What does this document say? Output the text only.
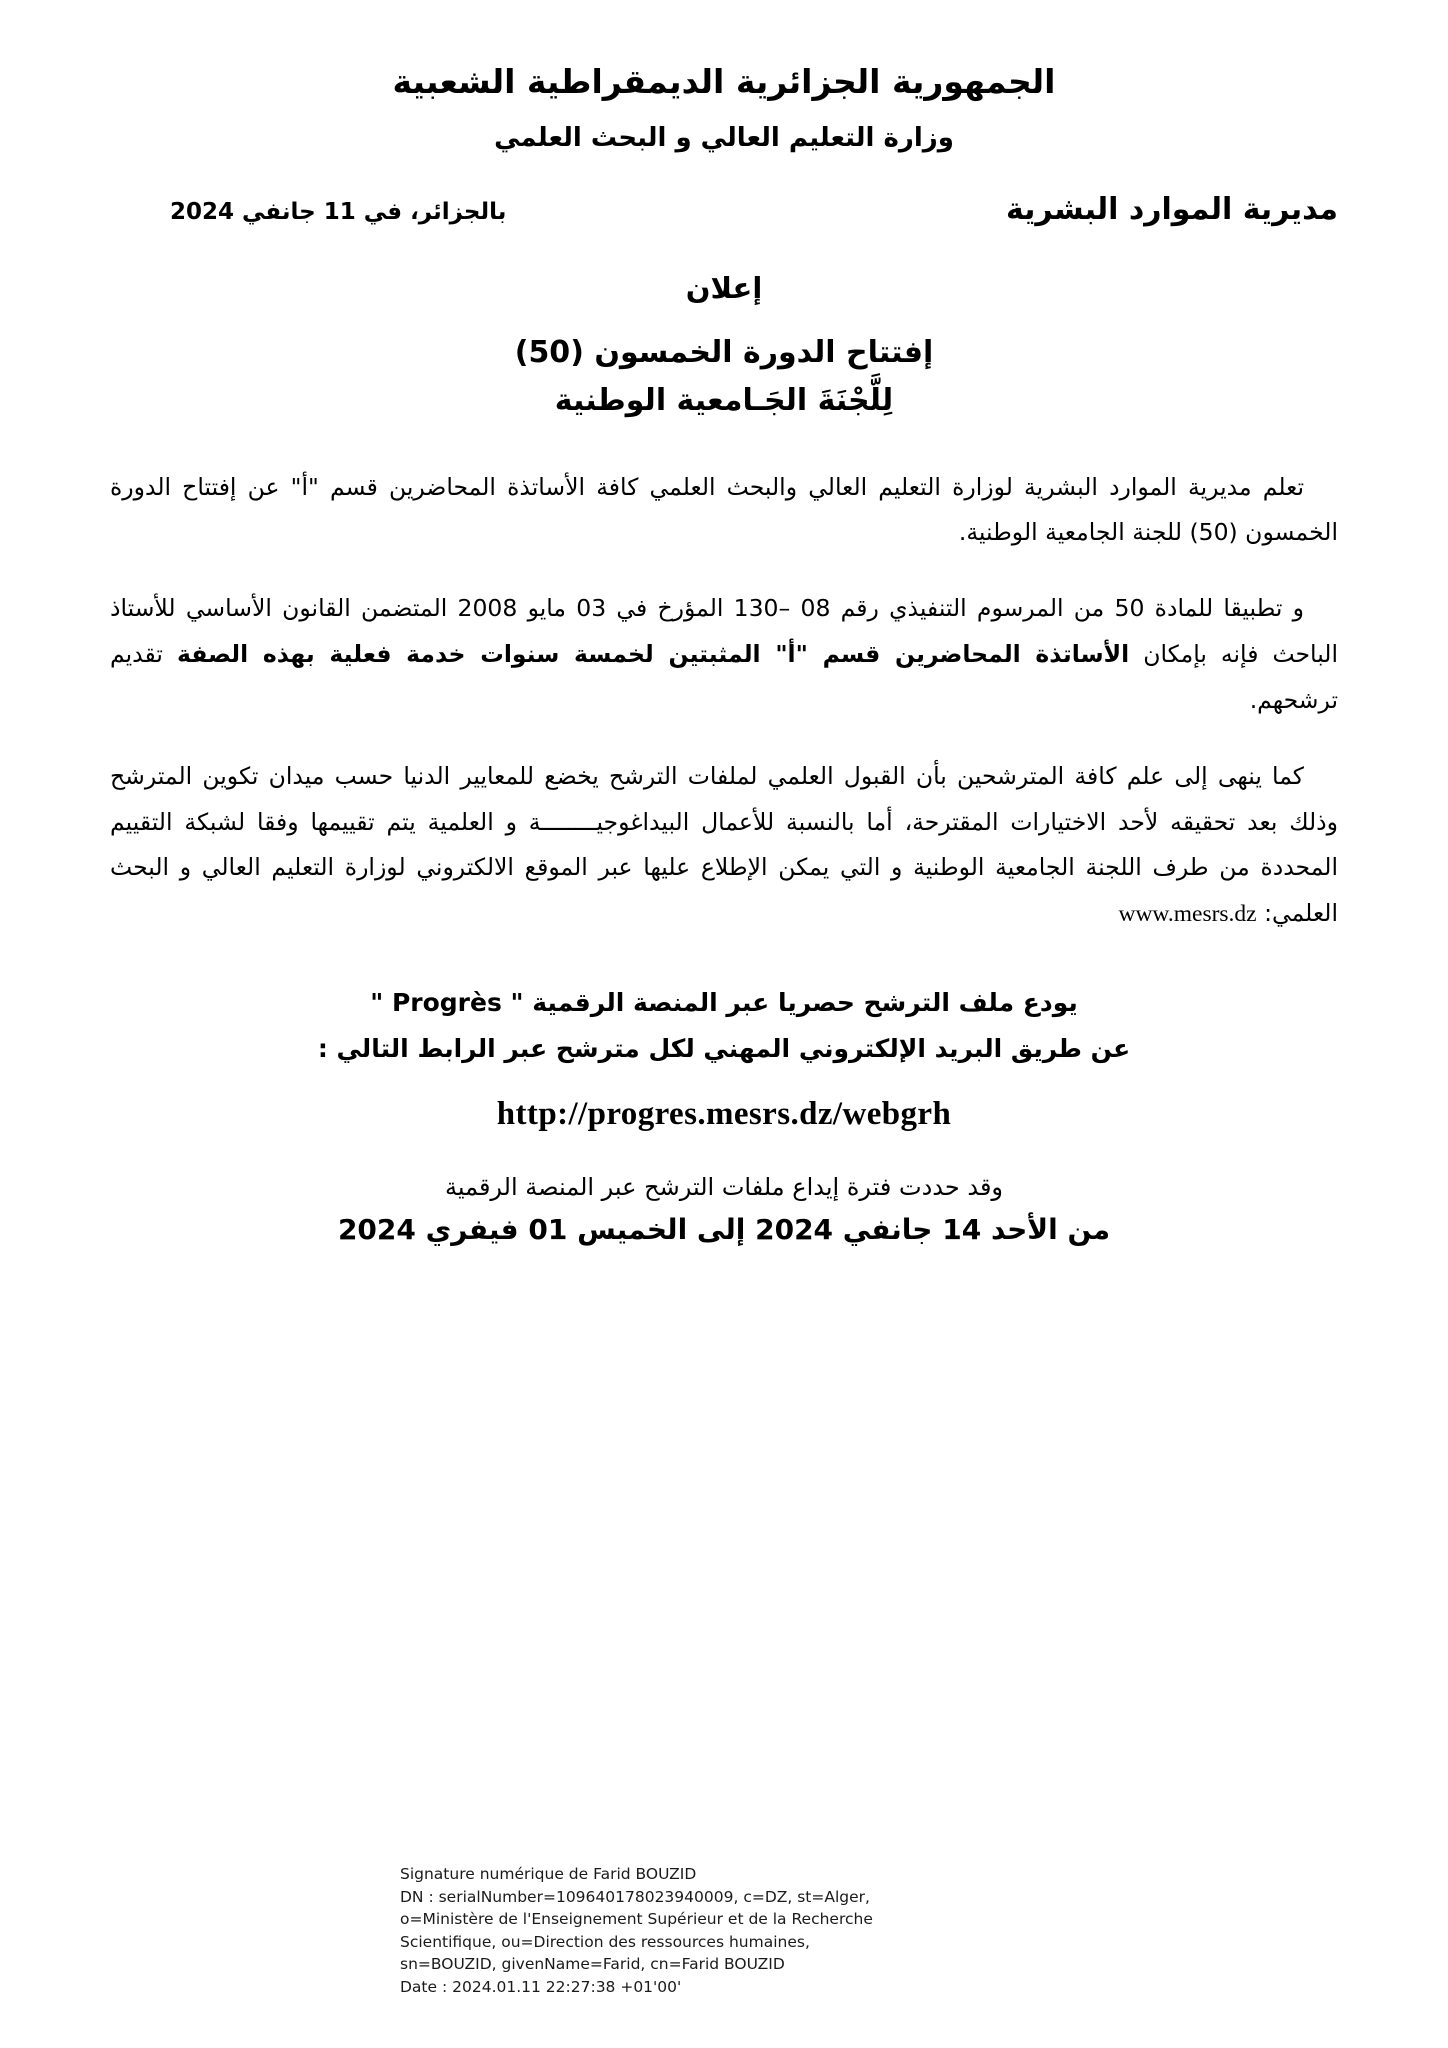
الجمهورية الجزائرية الديمقراطية الشعبية
وزارة التعليم العالي و البحث العلمي
مديرية الموارد البشرية
بالجزائر، في 11 جانفي 2024
إعلان
إفتتاح الدورة الخمسون (50)
لِلَّجْنَةَ الجَـامعية الوطنية
تعلم مديرية الموارد البشرية لوزارة التعليم العالي والبحث العلمي كافة الأساتذة المحاضرين قسم "أ" عن إفتتاح الدورة الخمسون (50) للجنة الجامعية الوطنية.
و تطبيقا للمادة 50 من المرسوم التنفيذي رقم 08 –130 المؤرخ في 03 مايو 2008 المتضمن القانون الأساسي للأستاذ الباحث فإنه بإمكان الأساتذة المحاضرين قسم "أ" المثبتين لخمسة سنوات خدمة فعلية بهذه الصفة تقديم ترشحهم.
كما ينهى إلى علم كافة المترشحين بأن القبول العلمي لملفات الترشح يخضع للمعايير الدنيا حسب ميدان تكوين المترشح وذلك بعد تحقيقه لأحد الاختيارات المقترحة، أما بالنسبة للأعمال البيداغوجيــــــــة و العلمية يتم تقييمها وفقا لشبكة التقييم المحددة من طرف اللجنة الجامعية الوطنية و التي يمكن الإطلاع عليها عبر الموقع الالكتروني لوزارة التعليم العالي و البحث العلمي: www.mesrs.dz
يودع ملف الترشح حصريا عبر المنصة الرقمية " Progrès "
عن طريق البريد الإلكتروني المهني لكل مترشح عبر الرابط التالي :
http://progres.mesrs.dz/webgrh
وقد حددت فترة إيداع ملفات الترشح عبر المنصة الرقمية
من الأحد 14 جانفي 2024 إلى الخميس 01 فيفري 2024
Signature numérique de Farid BOUZID
DN : serialNumber=109640178023940009, c=DZ, st=Alger,
o=Ministère de l'Enseignement Supérieur et de la Recherche
Scientifique, ou=Direction des ressources humaines,
sn=BOUZID, givenName=Farid, cn=Farid BOUZID
Date : 2024.01.11 22:27:38 +01'00'
